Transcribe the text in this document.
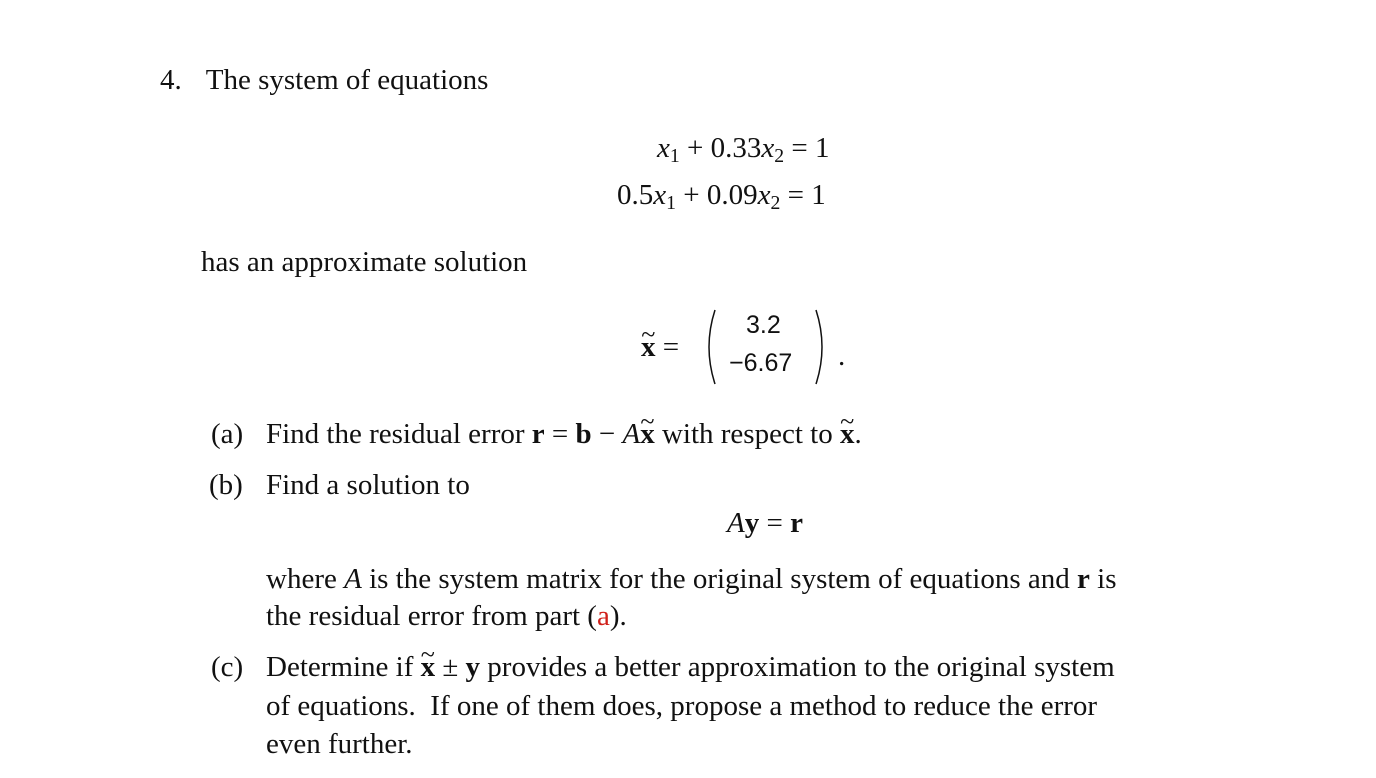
4. The system of equations
$x_1 + 0.33x_2 = 1$
$0.5x_1 + 0.09x_2 = 1$
has an approximate solution
~ x =
3.2
−6.67 .
(a) Find the residual error r = b − A~ x with respect to ~ x.
(b) Find a solution to
Ay = r
where A is the system matrix for the original system of equations and r is
the residual error from part (a).
(c) Determine if ~ x ± y provides a better approximation to the original system
of equations.  If one of them does, propose a method to reduce the error
even further.
